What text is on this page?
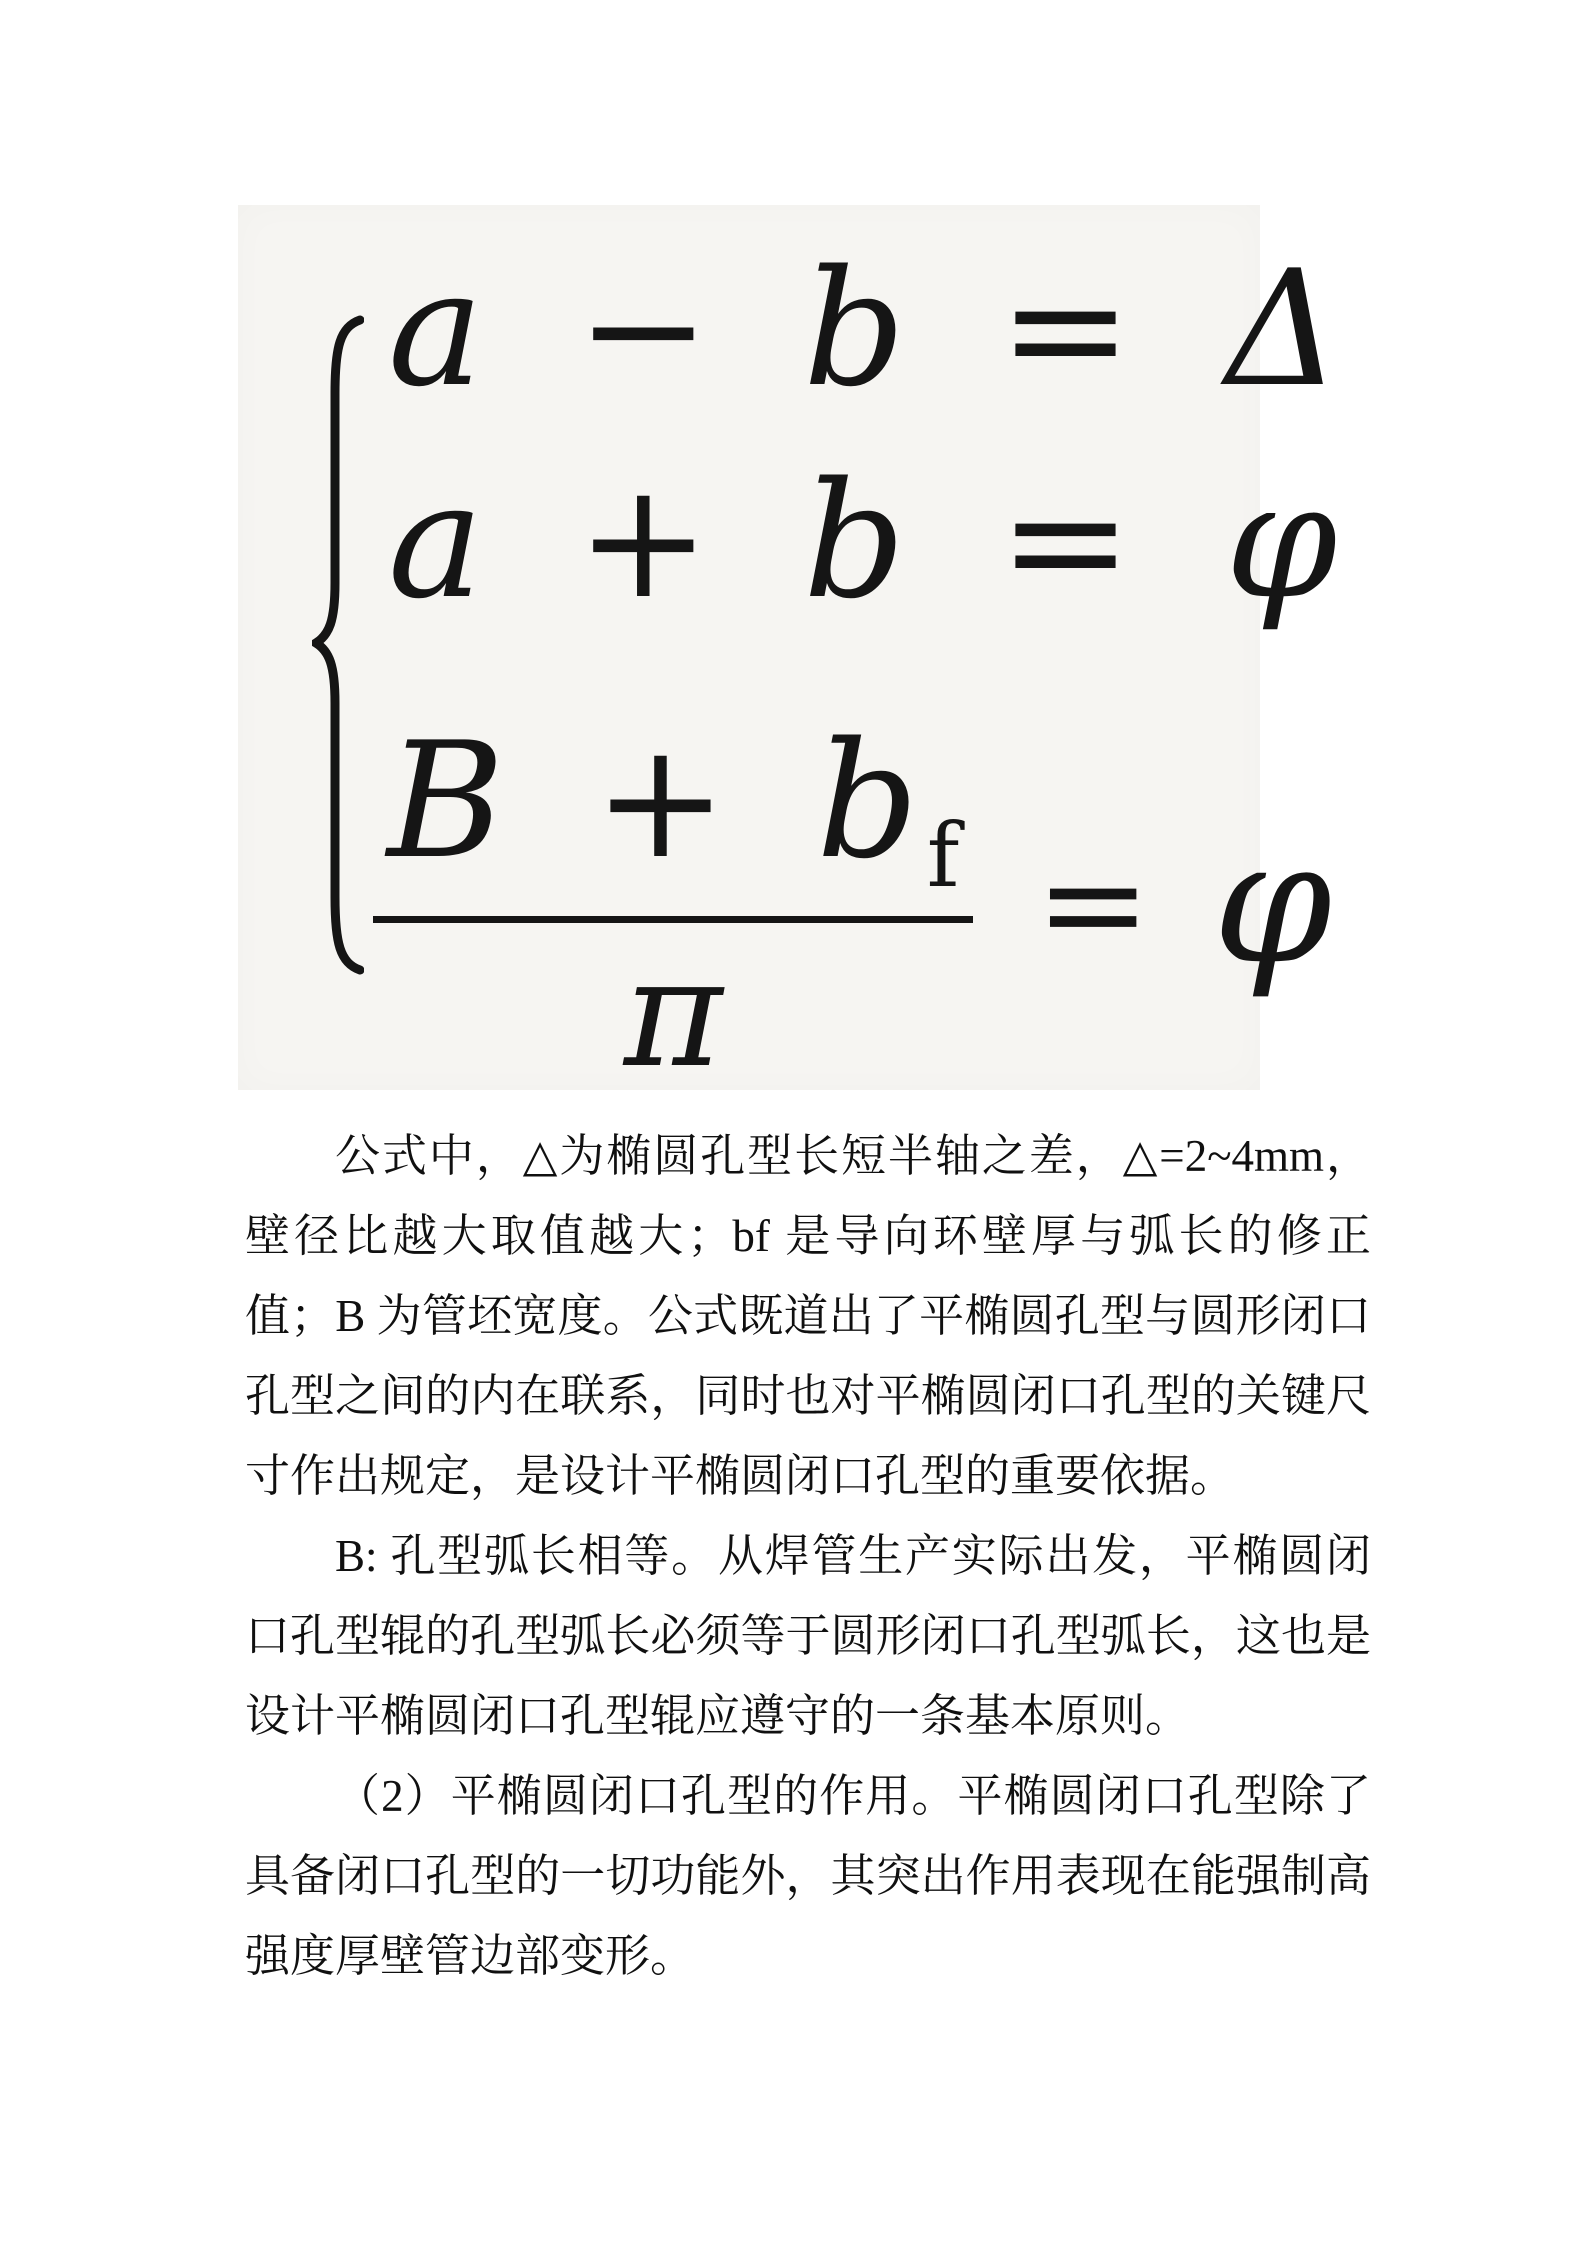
a − b = Δ
a + b = φ
$\frac{B + b_f}{\pi} = \varphi$

公式中，△为椭圆孔型长短半轴之差，△=2~4mm，壁径比越大取值越大；bf 是导向环壁厚与弧长的修正值；B 为管坯宽度。公式既道出了平椭圆孔型与圆形闭口孔型之间的内在联系，同时也对平椭圆闭口孔型的关键尺寸作出规定，是设计平椭圆闭口孔型的重要依据。

B: 孔型弧长相等。从焊管生产实际出发，平椭圆闭口孔型辊的孔型弧长必须等于圆形闭口孔型弧长，这也是设计平椭圆闭口孔型辊应遵守的一条基本原则。

（2）平椭圆闭口孔型的作用。平椭圆闭口孔型除了具备闭口孔型的一切功能外，其突出作用表现在能强制高强度厚壁管边部变形。
